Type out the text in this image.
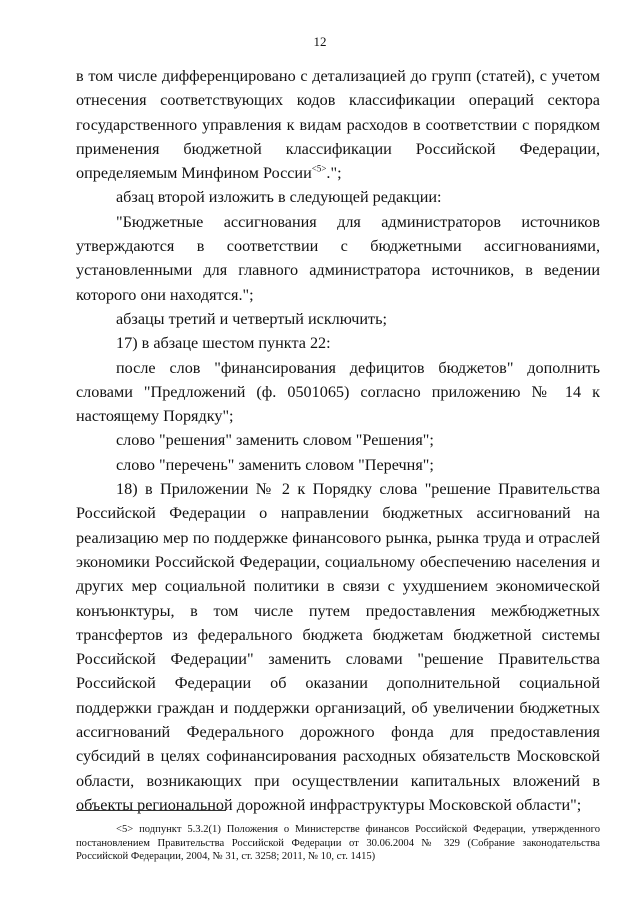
12

в том числе дифференцировано с детализацией до групп (статей), с учетом отнесения соответствующих кодов классификации операций сектора государственного управления к видам расходов в соответствии с порядком применения бюджетной классификации Российской Федерации, определяемым Минфином России$^{<5>}$.";

абзац второй изложить в следующей редакции:

"Бюджетные ассигнования для администраторов источников утверждаются в соответствии с бюджетными ассигнованиями, установленными для главного администратора источников, в ведении которого они находятся.";

абзацы третий и четвертый исключить;

17) в абзаце шестом пункта 22:

после слов "финансирования дефицитов бюджетов" дополнить словами "Предложений (ф. 0501065) согласно приложению № 14 к настоящему Порядку";

слово "решения" заменить словом "Решения";

слово "перечень" заменить словом "Перечня";

18) в Приложении № 2 к Порядку слова "решение Правительства Российской Федерации о направлении бюджетных ассигнований на реализацию мер по поддержке финансового рынка, рынка труда и отраслей экономики Российской Федерации, социальному обеспечению населения и других мер социальной политики в связи с ухудшением экономической конъюнктуры, в том числе путем предоставления межбюджетных трансфертов из федерального бюджета бюджетам бюджетной системы Российской Федерации" заменить словами "решение Правительства Российской Федерации об оказании дополнительной социальной поддержки граждан и поддержки организаций, об увеличении бюджетных ассигнований Федерального дорожного фонда для предоставления субсидий в целях софинансирования расходных обязательств Московской области, возникающих при осуществлении капитальных вложений в объекты региональной дорожной инфраструктуры Московской области";

<5> подпункт 5.3.2(1) Положения о Министерстве финансов Российской Федерации, утвержденного постановлением Правительства Российской Федерации от 30.06.2004 № 329 (Собрание законодательства Российской Федерации, 2004, № 31, ст. 3258; 2011, № 10, ст. 1415)
